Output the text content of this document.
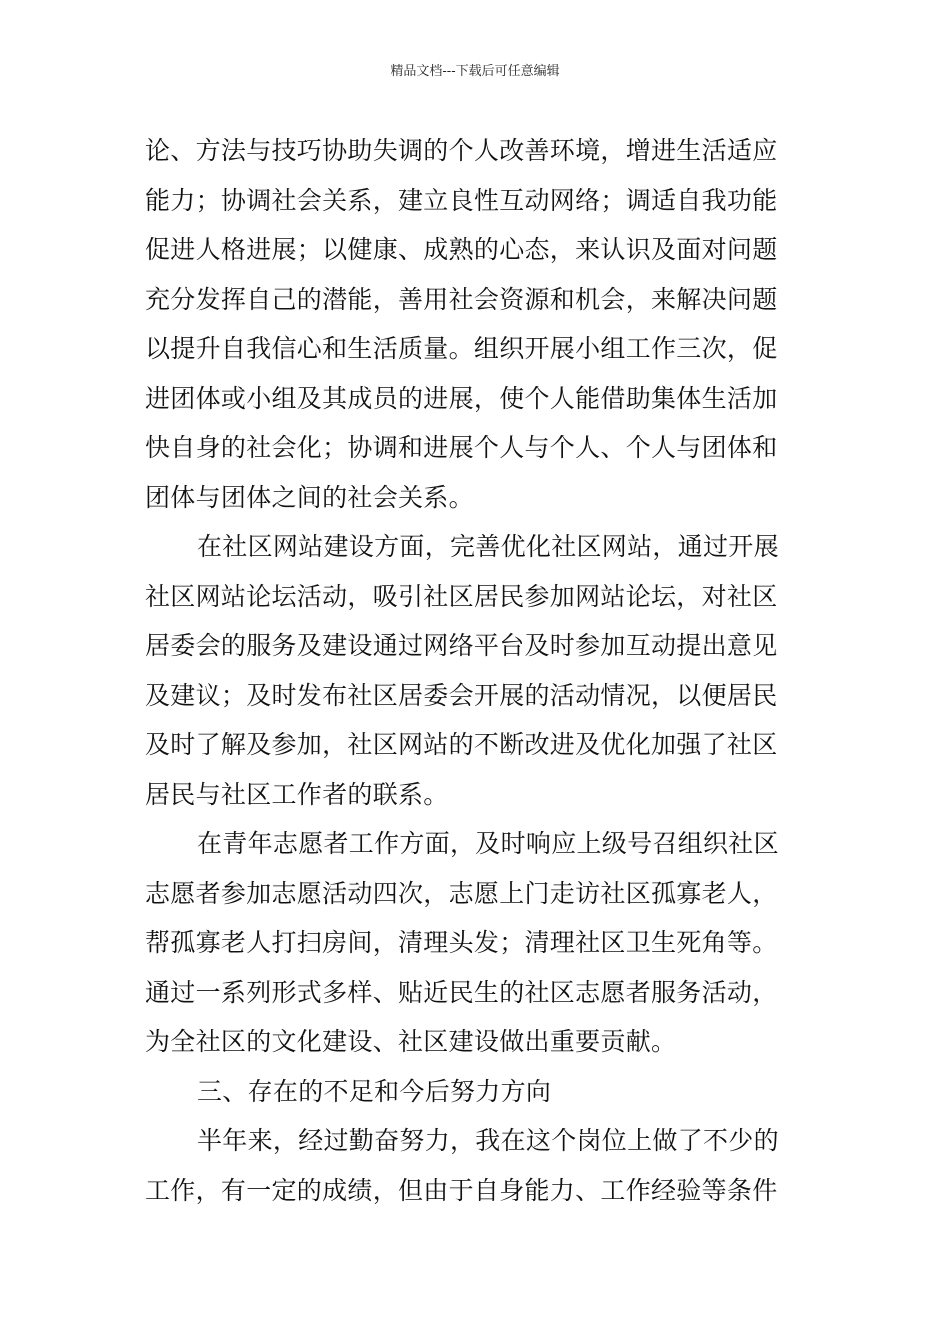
精品文档---下载后可任意编辑
论、方法与技巧协助失调的个人改善环境，增进生活适应
能力；协调社会关系，建立良性互动网络；调适自我功能
促进人格进展；以健康、成熟的心态，来认识及面对问题
充分发挥自己的潜能，善用社会资源和机会，来解决问题
以提升自我信心和生活质量。组织开展小组工作三次，促
进团体或小组及其成员的进展，使个人能借助集体生活加
快自身的社会化；协调和进展个人与个人、个人与团体和
团体与团体之间的社会关系。
在社区网站建设方面，完善优化社区网站，通过开展
社区网站论坛活动，吸引社区居民参加网站论坛，对社区
居委会的服务及建设通过网络平台及时参加互动提出意见
及建议；及时发布社区居委会开展的活动情况，以便居民
及时了解及参加，社区网站的不断改进及优化加强了社区
居民与社区工作者的联系。
在青年志愿者工作方面，及时响应上级号召组织社区
志愿者参加志愿活动四次，志愿上门走访社区孤寡老人，
帮孤寡老人打扫房间，清理头发；清理社区卫生死角等。
通过一系列形式多样、贴近民生的社区志愿者服务活动，
为全社区的文化建设、社区建设做出重要贡献。
三、存在的不足和今后努力方向
半年来，经过勤奋努力，我在这个岗位上做了不少的
工作，有一定的成绩，但由于自身能力、工作经验等条件
